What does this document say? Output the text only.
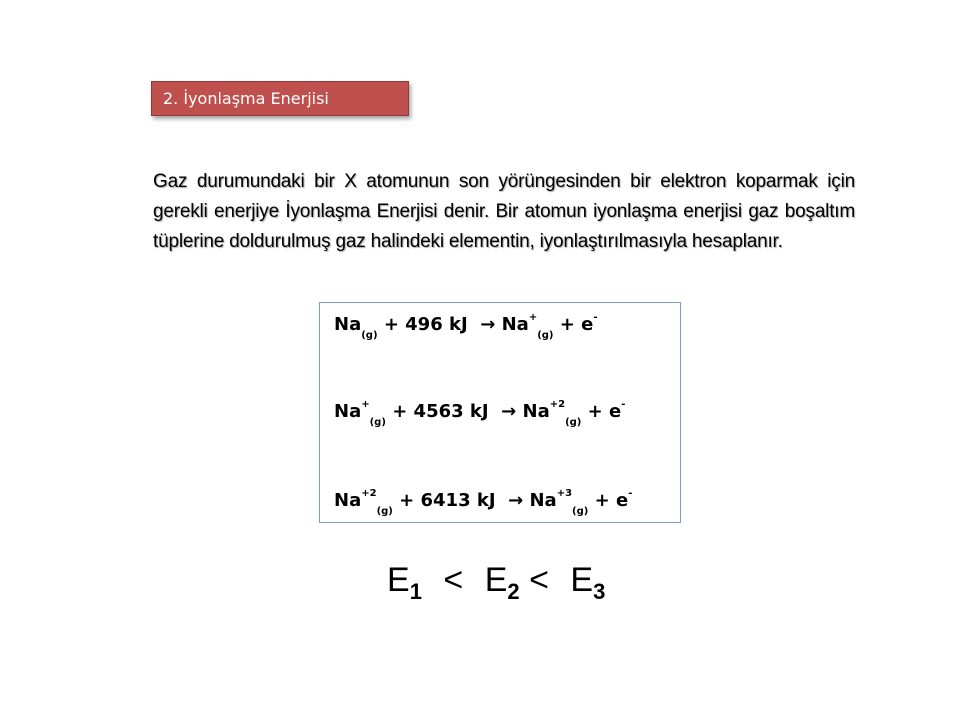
2. İyonlaşma Enerjisi
Gaz durumundaki bir X atomunun son yörüngesinden bir elektron koparmak için gerekli enerjiye İyonlaşma Enerjisi denir. Bir atomun iyonlaşma enerjisi gaz boşaltım tüplerine doldurulmuş gaz halindeki elementin, iyonlaştırılmasıyla hesaplanır.
$Na_{(g)} + 496$ kJ → $Na^+_{(g)} + e^-$
$Na^+_{(g)} + 4563$ kJ → $Na^{+2}_{(g)} + e^-$
$Na^{+2}_{(g)} + 6413$ kJ → $Na^{+3}_{(g)} + e^-$
$E_1 < E_2 < E_3$
